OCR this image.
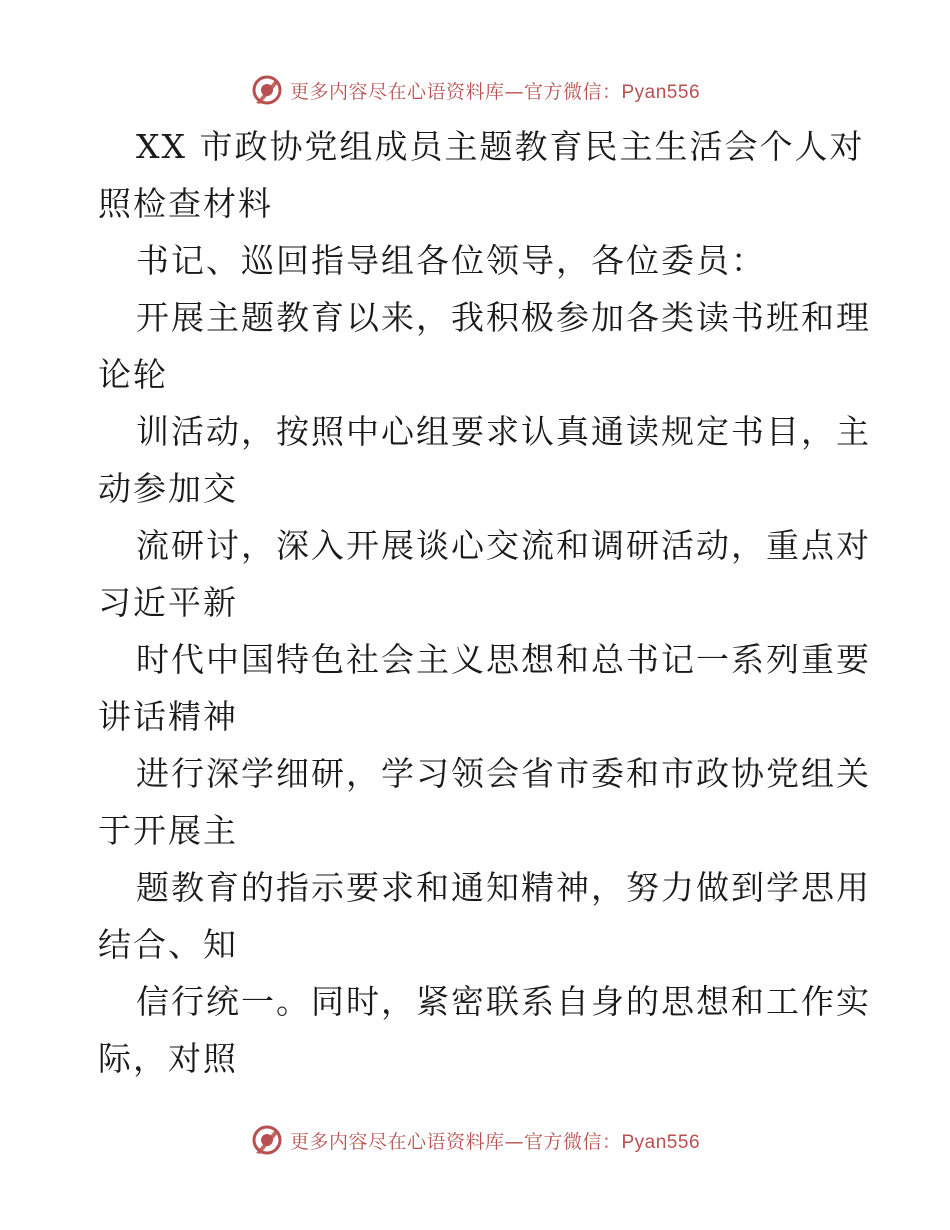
更多内容尽在心语资料库—官方微信：Pyan556
XX 市政协党组成员主题教育民主生活会个人对
照检查材料
书记、巡回指导组各位领导，各位委员：
开展主题教育以来，我积极参加各类读书班和理
论轮
训活动，按照中心组要求认真通读规定书目，主
动参加交
流研讨，深入开展谈心交流和调研活动，重点对
习近平新
时代中国特色社会主义思想和总书记一系列重要
讲话精神
进行深学细研，学习领会省市委和市政协党组关
于开展主
题教育的指示要求和通知精神，努力做到学思用
结合、知
信行统一。同时，紧密联系自身的思想和工作实
际，对照
更多内容尽在心语资料库—官方微信：Pyan556
